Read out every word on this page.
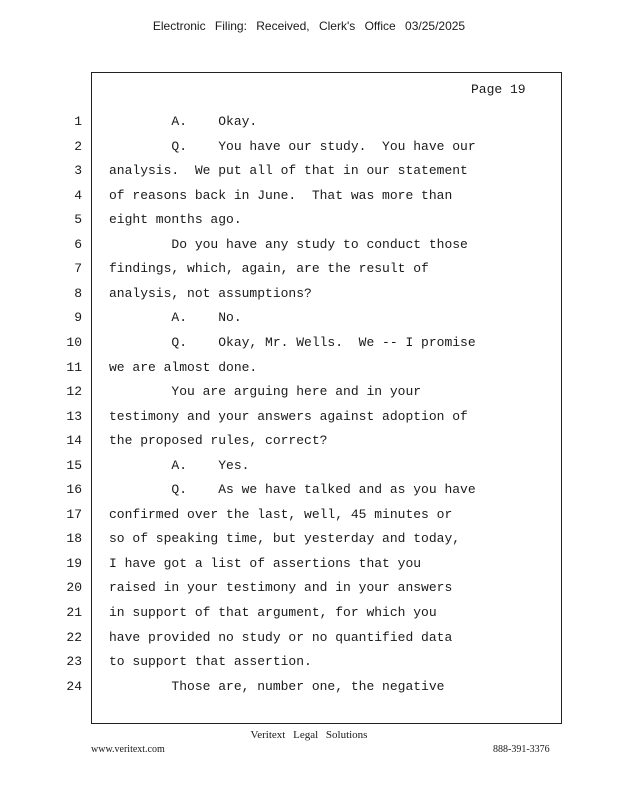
Electronic Filing: Received, Clerk's Office 03/25/2025
Page 19
1 A.    Okay.
2 Q.    You have our study.  You have our
3 analysis.  We put all of that in our statement
4 of reasons back in June.  That was more than
5 eight months ago.
6 Do you have any study to conduct those
7 findings, which, again, are the result of
8 analysis, not assumptions?
9 A.    No.
10 Q.    Okay, Mr. Wells.  We -- I promise
11 we are almost done.
12 You are arguing here and in your
13 testimony and your answers against adoption of
14 the proposed rules, correct?
15 A.    Yes.
16 Q.    As we have talked and as you have
17 confirmed over the last, well, 45 minutes or
18 so of speaking time, but yesterday and today,
19 I have got a list of assertions that you
20 raised in your testimony and in your answers
21 in support of that argument, for which you
22 have provided no study or no quantified data
23 to support that assertion.
24 Those are, number one, the negative
Veritext Legal Solutions
www.veritext.com	888-391-3376
